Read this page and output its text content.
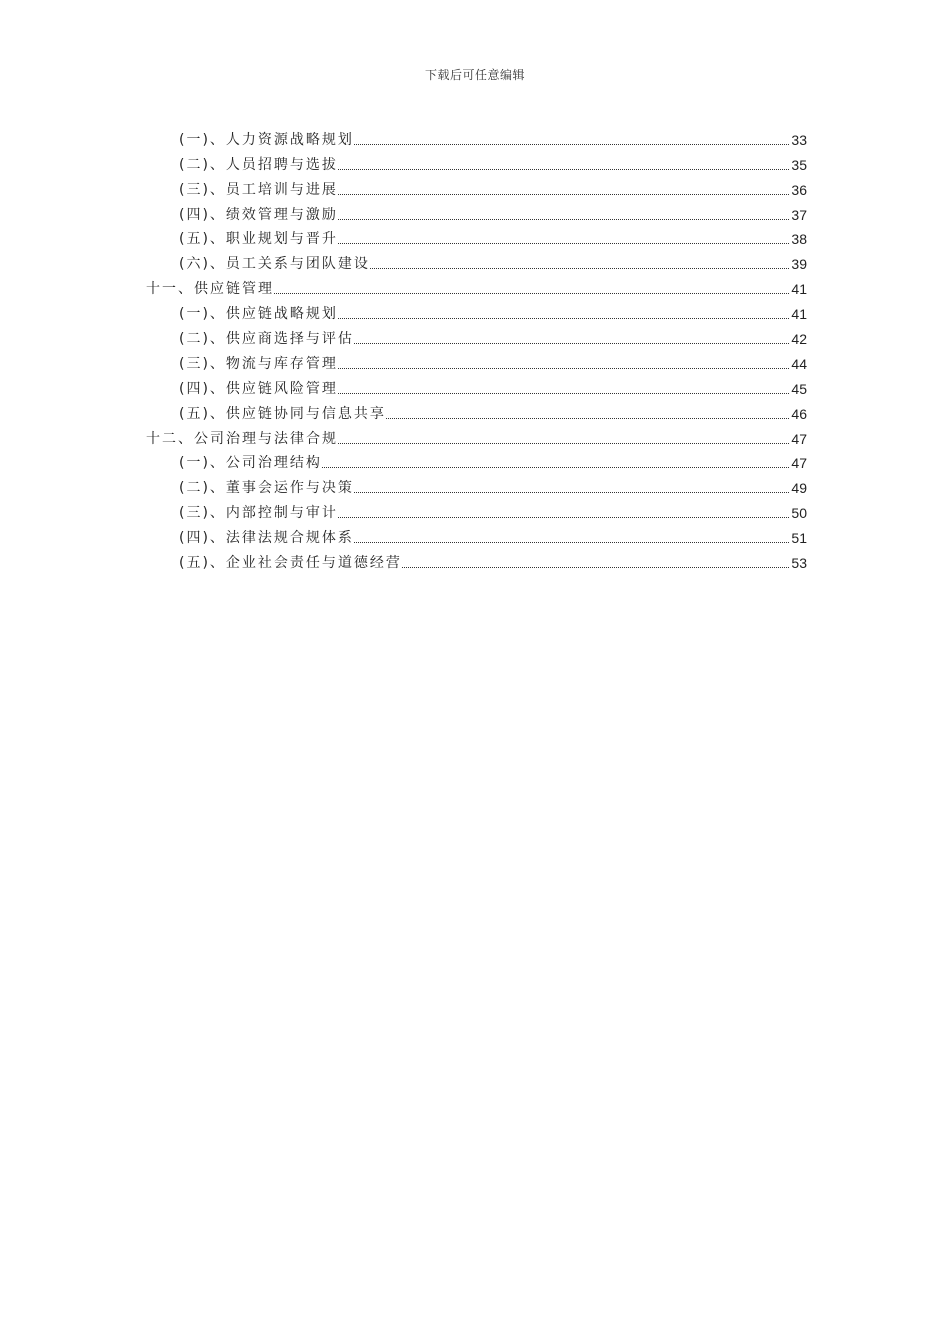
下载后可任意编辑
(一)、人力资源战略规划	33
(二)、人员招聘与选拔	35
(三)、员工培训与进展	36
(四)、绩效管理与激励	37
(五)、职业规划与晋升	38
(六)、员工关系与团队建设	39
十一、供应链管理	41
(一)、供应链战略规划	41
(二)、供应商选择与评估	42
(三)、物流与库存管理	44
(四)、供应链风险管理	45
(五)、供应链协同与信息共享	46
十二、公司治理与法律合规	47
(一)、公司治理结构	47
(二)、董事会运作与决策	49
(三)、内部控制与审计	50
(四)、法律法规合规体系	51
(五)、企业社会责任与道德经营	53
